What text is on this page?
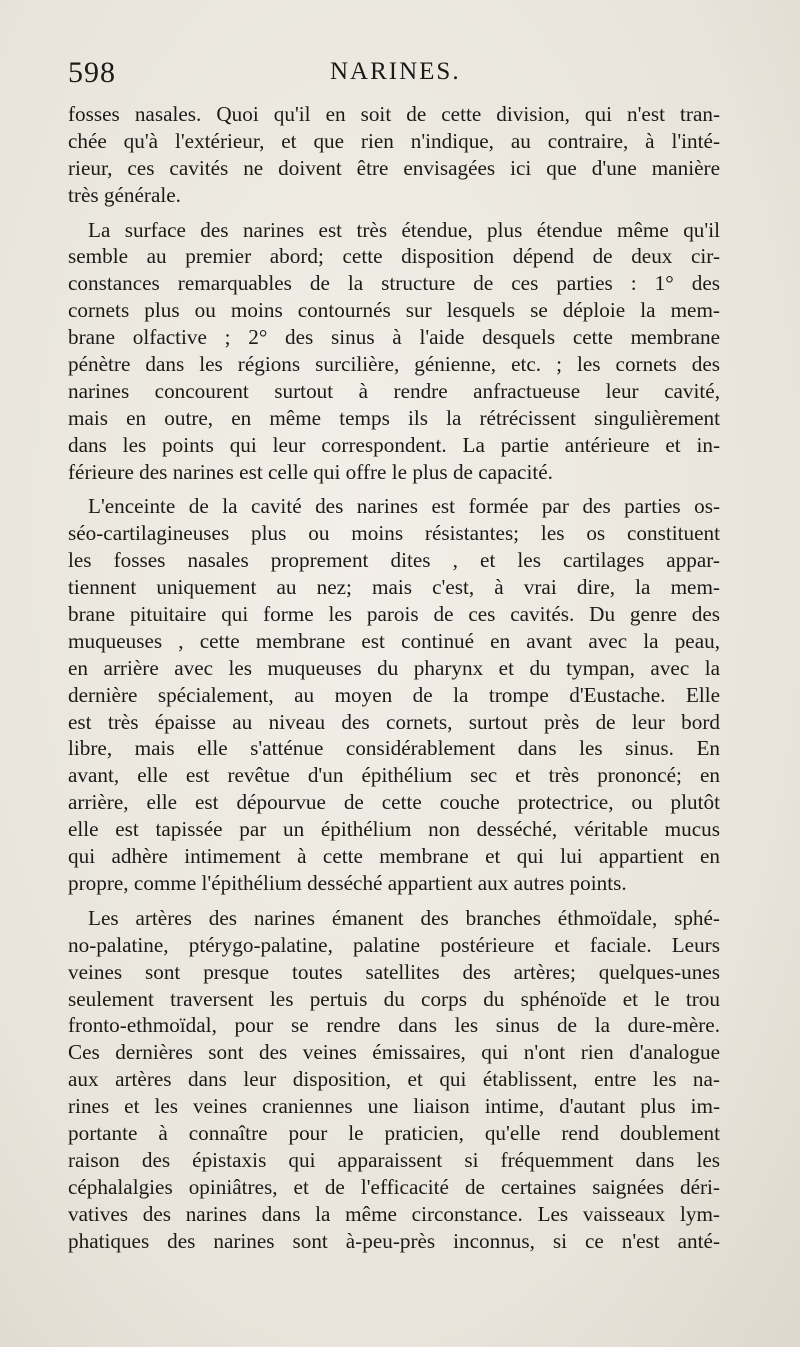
598	NARINES.
fosses nasales. Quoi qu'il en soit de cette division, qui n'est tran-
chée qu'à l'extérieur, et que rien n'indique, au contraire, à l'inté-
rieur, ces cavités ne doivent être envisagées ici que d'une manière
très générale.
La surface des narines est très étendue, plus étendue même qu'il
semble au premier abord; cette disposition dépend de deux cir-
constances remarquables de la structure de ces parties : 1° des
cornets plus ou moins contournés sur lesquels se déploie la mem-
brane olfactive ; 2° des sinus à l'aide desquels cette membrane
pénètre dans les régions surcilière, génienne, etc. ; les cornets des
narines concourent surtout à rendre anfractueuse leur cavité,
mais en outre, en même temps ils la rétrécissent singulièrement
dans les points qui leur correspondent. La partie antérieure et in-
férieure des narines est celle qui offre le plus de capacité.
L'enceinte de la cavité des narines est formée par des parties os-
séo-cartilagineuses plus ou moins résistantes; les os constituent
les fosses nasales proprement dites , et les cartilages appar-
tiennent uniquement au nez; mais c'est, à vrai dire, la mem-
brane pituitaire qui forme les parois de ces cavités. Du genre des
muqueuses , cette membrane est continué en avant avec la peau,
en arrière avec les muqueuses du pharynx et du tympan, avec la
dernière spécialement, au moyen de la trompe d'Eustache. Elle
est très épaisse au niveau des cornets, surtout près de leur bord
libre, mais elle s'atténue considérablement dans les sinus. En
avant, elle est revêtue d'un épithélium sec et très prononcé; en
arrière, elle est dépourvue de cette couche protectrice, ou plutôt
elle est tapissée par un épithélium non desséché, véritable mucus
qui adhère intimement à cette membrane et qui lui appartient en
propre, comme l'épithélium desséché appartient aux autres points.
Les artères des narines émanent des branches éthmoïdale, sphé-
no-palatine, ptérygo-palatine, palatine postérieure et faciale. Leurs
veines sont presque toutes satellites des artères; quelques-unes
seulement traversent les pertuis du corps du sphénoïde et le trou
fronto-ethmoïdal, pour se rendre dans les sinus de la dure-mère.
Ces dernières sont des veines émissaires, qui n'ont rien d'analogue
aux artères dans leur disposition, et qui établissent, entre les na-
rines et les veines craniennes une liaison intime, d'autant plus im-
portante à connaître pour le praticien, qu'elle rend doublement
raison des épistaxis qui apparaissent si fréquemment dans les
céphalalgies opiniâtres, et de l'efficacité de certaines saignées déri-
vatives des narines dans la même circonstance. Les vaisseaux lym-
phatiques des narines sont à-peu-près inconnus, si ce n'est anté-
